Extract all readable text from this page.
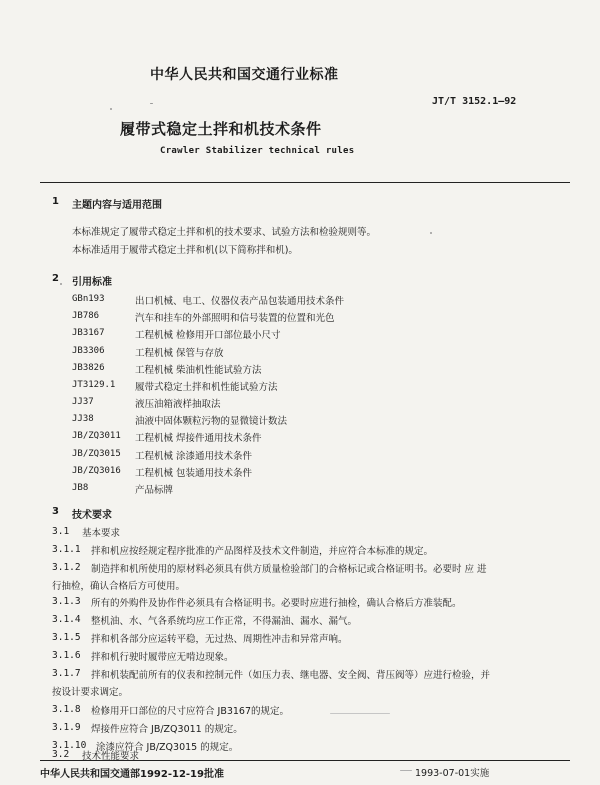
中华人民共和国交通行业标准
JT/T 3152.1—92
履带式稳定土拌和机技术条件
Crawler Stabilizer technical rules
1 主题内容与适用范围
本标准规定了履带式稳定土拌和机的技术要求、试验方法和检验规则等。
本标准适用于履带式稳定土拌和机(以下简称拌和机)。
2 引用标准
GBn193	出口机械、电工、仪器仪表产品包装通用技术条件
JB786	汽车和挂车的外部照明和信号装置的位置和光色
JB3167	工程机械 检修用开口部位最小尺寸
JB3306	工程机械 保管与存放
JB3826	工程机械 柴油机性能试验方法
JT3129.1 履带式稳定土拌和机性能试验方法
JJ37	液压油箱液样抽取法
JJ38	油液中固体颗粒污物的显微镜计数法
JB/ZQ3011 工程机械 焊接件通用技术条件
JB/ZQ3015 工程机械 涂漆通用技术条件
JB/ZQ3016 工程机械 包装通用技术条件
JB8	产品标牌
3 技术要求
3.1 基本要求
3.1.1 拌和机应按经规定程序批准的产品图样及技术文件制造，并应符合本标准的规定。
3.1.2 制造拌和机所使用的原材料必须具有供方质量检验部门的合格标记或合格证明书。必要时 应 进
行抽检，确认合格后方可使用。
3.1.3 所有的外购件及协作件必须具有合格证明书。必要时应进行抽检，确认合格后方准装配。
3.1.4 整机油、水、气各系统均应工作正常，不得漏油、漏水、漏气。
3.1.5 拌和机各部分应运转平稳，无过热、周期性冲击和异常声响。
3.1.6 拌和机行驶时履带应无啃边现象。
3.1.7 拌和机装配前所有的仪表和控制元件（如压力表、继电器、安全阀、背压阀等）应进行检验，并
按设计要求调定。
3.1.8 检修用开口部位的尺寸应符合 JB3167的规定。
3.1.9 焊接件应符合 JB/ZQ3011 的规定。
3.1.10 涂漆应符合 JB/ZQ3015 的规定。
3.2 技术性能要求
中华人民共和国交通部1992-12-19批准	1993-07-01实施
